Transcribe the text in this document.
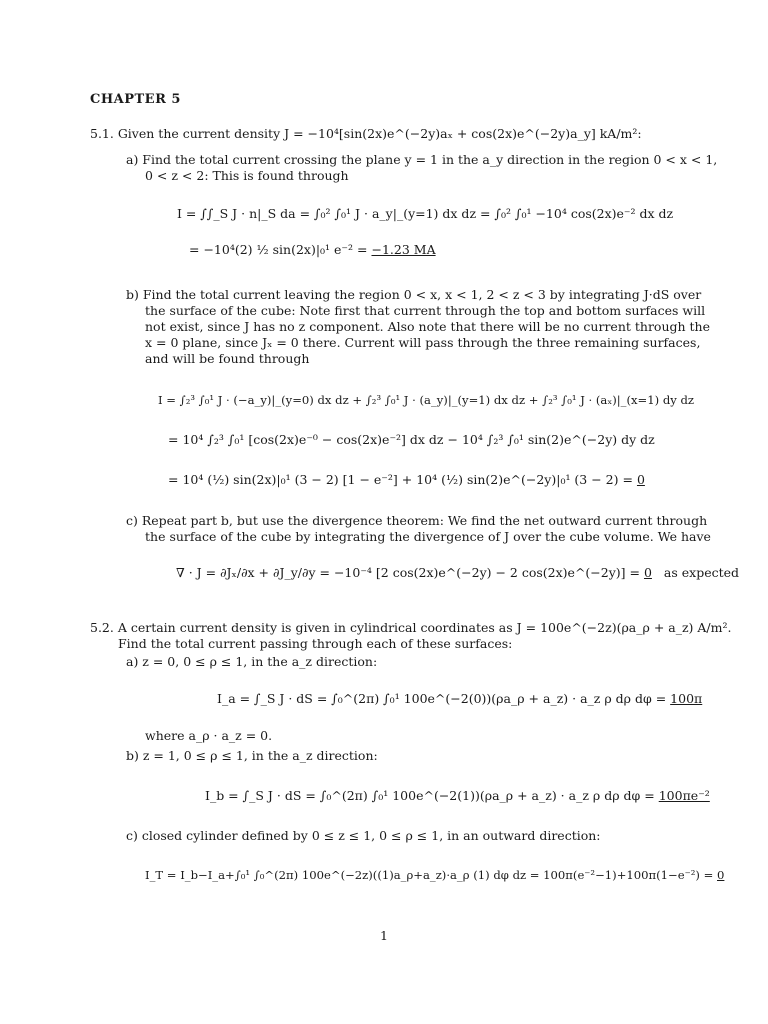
CHAPTER 5
5.1. Given the current density J = −10⁴[sin(2x)e^(−2y)aₓ + cos(2x)e^(−2y)a_y] kA/m²:
a) Find the total current crossing the plane y = 1 in the a_y direction in the region 0 < x < 1,
0 < z < 2: This is found through
I = ∫∫_S J · n|_S da = ∫₀² ∫₀¹ J · a_y|_(y=1) dx dz = ∫₀² ∫₀¹ −10⁴ cos(2x)e⁻² dx dz
= −10⁴(2) ½ sin(2x)|₀¹ e⁻² = −1.23 MA
b) Find the total current leaving the region 0 < x, x < 1, 2 < z < 3 by integrating J·dS over
the surface of the cube: Note first that current through the top and bottom surfaces will
not exist, since J has no z component. Also note that there will be no current through the
x = 0 plane, since Jₓ = 0 there. Current will pass through the three remaining surfaces,
and will be found through
I = ∫₂³ ∫₀¹ J · (−a_y)|_(y=0) dx dz + ∫₂³ ∫₀¹ J · (a_y)|_(y=1) dx dz + ∫₂³ ∫₀¹ J · (aₓ)|_(x=1) dy dz
= 10⁴ ∫₂³ ∫₀¹ [cos(2x)e⁻⁰ − cos(2x)e⁻²] dx dz − 10⁴ ∫₂³ ∫₀¹ sin(2)e^(−2y) dy dz
= 10⁴ (½) sin(2x)|₀¹ (3 − 2) [1 − e⁻²] + 10⁴ (½) sin(2)e^(−2y)|₀¹ (3 − 2) = 0
c) Repeat part b, but use the divergence theorem: We find the net outward current through
the surface of the cube by integrating the divergence of J over the cube volume. We have
∇ · J = ∂Jₓ/∂x + ∂J_y/∂y = −10⁻⁴ [2 cos(2x)e^(−2y) − 2 cos(2x)e^(−2y)] = 0 as expected
5.2. A certain current density is given in cylindrical coordinates as J = 100e^(−2z)(ρa_ρ + a_z) A/m².
Find the total current passing through each of these surfaces:
a) z = 0, 0 ≤ ρ ≤ 1, in the a_z direction:
I_a = ∫_S J · dS = ∫₀^(2π) ∫₀¹ 100e^(−2(0))(ρa_ρ + a_z) · a_z ρ dρ dφ = 100π
where a_ρ · a_z = 0.
b) z = 1, 0 ≤ ρ ≤ 1, in the a_z direction:
I_b = ∫_S J · dS = ∫₀^(2π) ∫₀¹ 100e^(−2(1))(ρa_ρ + a_z) · a_z ρ dρ dφ = 100πe⁻²
c) closed cylinder defined by 0 ≤ z ≤ 1, 0 ≤ ρ ≤ 1, in an outward direction:
I_T = I_b−I_a+∫₀¹ ∫₀^(2π) 100e^(−2z)((1)a_ρ+a_z)·a_ρ (1) dφ dz = 100π(e⁻²−1)+100π(1−e⁻²) = 0
1
